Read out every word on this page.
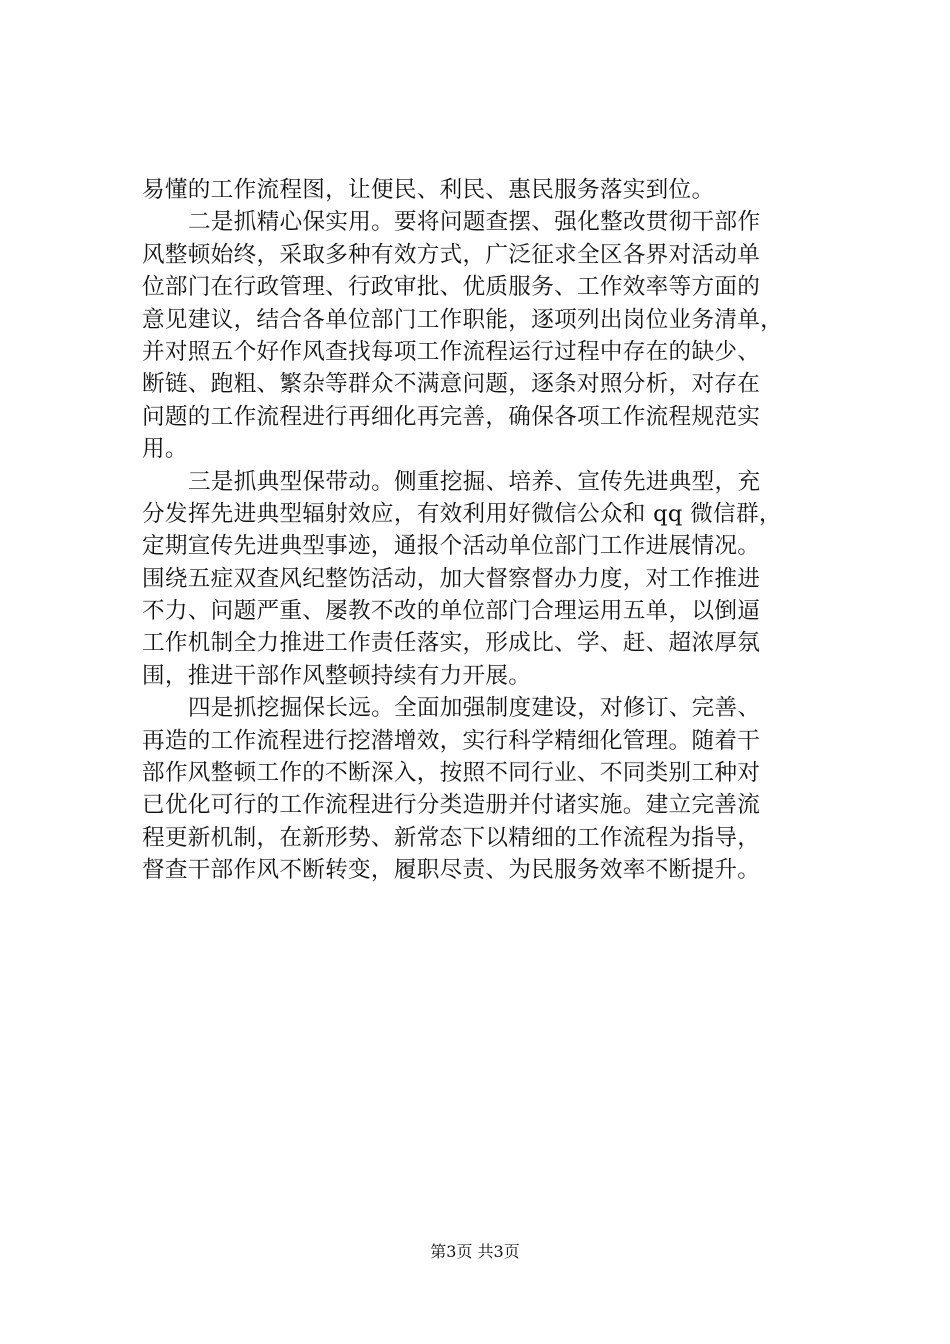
易懂的工作流程图，让便民、利民、惠民服务落实到位。
二是抓精心保实用。要将问题查摆、强化整改贯彻干部作
风整顿始终，采取多种有效方式，广泛征求全区各界对活动单
位部门在行政管理、行政审批、优质服务、工作效率等方面的
意见建议，结合各单位部门工作职能，逐项列出岗位业务清单，
并对照五个好作风查找每项工作流程运行过程中存在的缺少、
断链、跑粗、繁杂等群众不满意问题，逐条对照分析，对存在
问题的工作流程进行再细化再完善，确保各项工作流程规范实
用。
三是抓典型保带动。侧重挖掘、培养、宣传先进典型，充
分发挥先进典型辐射效应，有效利用好微信公众和 qq 微信群，
定期宣传先进典型事迹，通报个活动单位部门工作进展情况。
围绕五症双查风纪整饬活动，加大督察督办力度，对工作推进
不力、问题严重、屡教不改的单位部门合理运用五单，以倒逼
工作机制全力推进工作责任落实，形成比、学、赶、超浓厚氛
围，推进干部作风整顿持续有力开展。
四是抓挖掘保长远。全面加强制度建设，对修订、完善、
再造的工作流程进行挖潜增效，实行科学精细化管理。随着干
部作风整顿工作的不断深入，按照不同行业、不同类别工种对
已优化可行的工作流程进行分类造册并付诸实施。建立完善流
程更新机制，在新形势、新常态下以精细的工作流程为指导，
督查干部作风不断转变，履职尽责、为民服务效率不断提升。
第3页 共3页
